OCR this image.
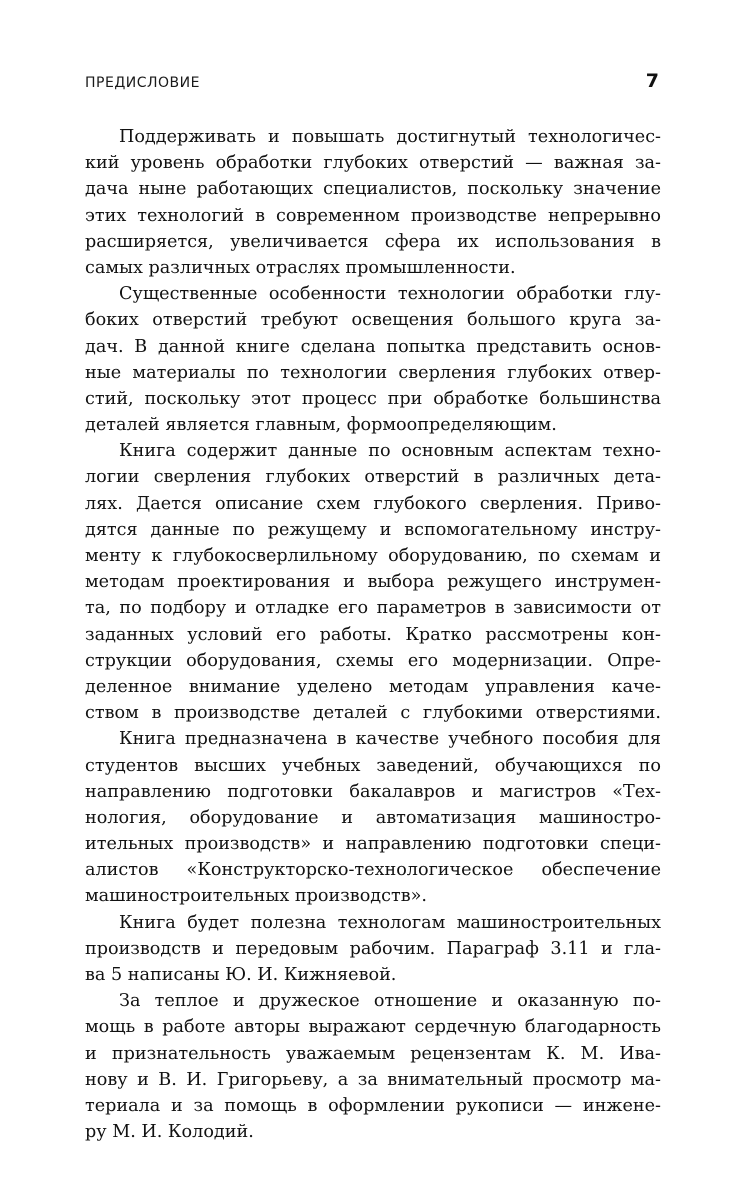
ПРЕДИСЛОВИЕ	7

Поддерживать и повышать достигнутый технологичес-
кий уровень обработки глубоких отверстий — важная за-
дача ныне работающих специалистов, поскольку значение
этих технологий в современном производстве непрерывно
расширяется, увеличивается сфера их использования в
самых различных отраслях промышленности.

Существенные особенности технологии обработки глу-
боких отверстий требуют освещения большого круга за-
дач. В данной книге сделана попытка представить основ-
ные материалы по технологии сверления глубоких отвер-
стий, поскольку этот процесс при обработке большинства
деталей является главным, формоопределяющим.

Книга содержит данные по основным аспектам техно-
логии сверления глубоких отверстий в различных дета-
лях. Дается описание схем глубокого сверления. Приво-
дятся данные по режущему и вспомогательному инстру-
менту к глубокосверлильному оборудованию, по схемам и
методам проектирования и выбора режущего инструмен-
та, по подбору и отладке его параметров в зависимости от
заданных условий его работы. Кратко рассмотрены кон-
струкции оборудования, схемы его модернизации. Опре-
деленное внимание уделено методам управления каче-
ством в производстве деталей с глубокими отверстиями.

Книга предназначена в качестве учебного пособия для
студентов высших учебных заведений, обучающихся по
направлению подготовки бакалавров и магистров «Тех-
нология, оборудование и автоматизация машиностро-
ительных производств» и направлению подготовки специ-
алистов «Конструкторско-технологическое обеспечение
машиностроительных производств».

Книга будет полезна технологам машиностроительных
производств и передовым рабочим. Параграф 3.11 и гла-
ва 5 написаны Ю. И. Кижняевой.

За теплое и дружеское отношение и оказанную по-
мощь в работе авторы выражают сердечную благодарность
и признательность уважаемым рецензентам К. М. Ива-
нову и В. И. Григорьеву, а за внимательный просмотр ма-
териала и за помощь в оформлении рукописи — инжене-
ру М. И. Колодий.
